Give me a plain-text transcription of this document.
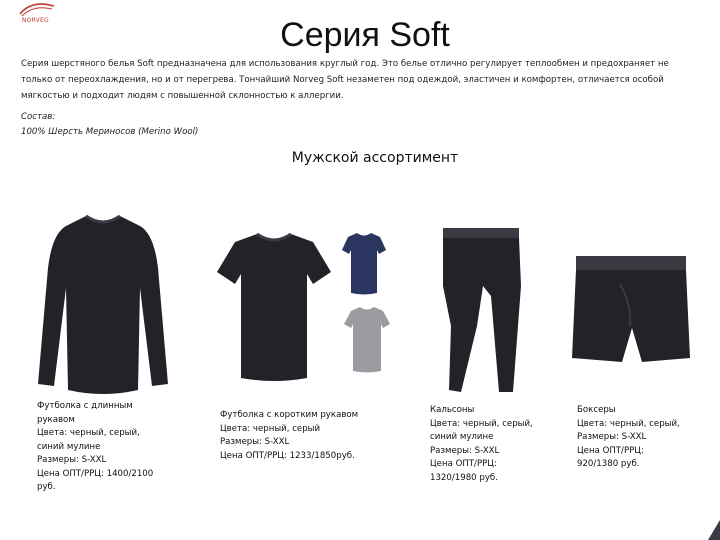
NORVEG	Серия Soft
Серия шерстяного белья Soft предназначена для использования круглый год. Это белье отлично регулирует теплообмен и предохраняет не
только от переохлаждения, но и от перегрева. Тончайший Norveg Soft незаметен под одеждой, эластичен и комфортен, отличается особой
мягкостью и подходит людям с повышенной склонностью к аллергии.
Состав:
100% Шерсть Мериносов (Merino Wool)
Мужской ассортимент
Футболка с длинным
рукавом
Цвета: черный, серый,
синий мулине
Размеры: S-XXL
Цена ОПТ/РРЦ: 1400/2100
руб.
Футболка с коротким рукавом
Цвета: черный, серый
Размеры: S-XXL
Цена ОПТ/РРЦ: 1233/1850руб.
Кальсоны
Цвета: черный, серый,
синий мулине
Размеры: S-XXL
Цена ОПТ/РРЦ:
1320/1980 руб.
Боксеры
Цвета: черный, серый,
Размеры: S-XXL
Цена ОПТ/РРЦ:
920/1380 руб.
